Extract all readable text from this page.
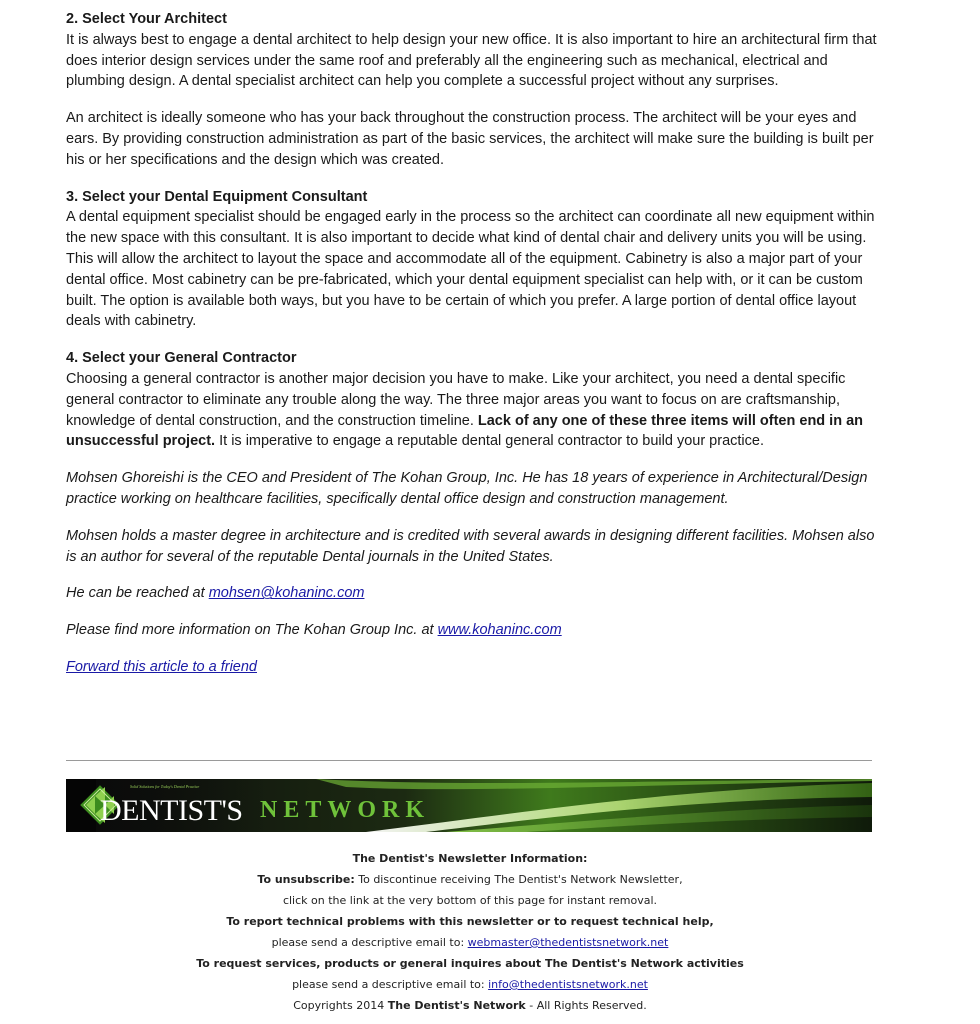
2. Select Your Architect

It is always best to engage a dental architect to help design your new office. It is also important to hire an architectural firm that does interior design services under the same roof and preferably all the engineering such as mechanical, electrical and plumbing design. A dental specialist architect can help you complete a successful project without any surprises.

An architect is ideally someone who has your back throughout the construction process. The architect will be your eyes and ears. By providing construction administration as part of the basic services, the architect will make sure the building is built per his or her specifications and the design which was created.

3. Select your Dental Equipment Consultant

A dental equipment specialist should be engaged early in the process so the architect can coordinate all new equipment within the new space with this consultant. It is also important to decide what kind of dental chair and delivery units you will be using. This will allow the architect to layout the space and accommodate all of the equipment. Cabinetry is also a major part of your dental office. Most cabinetry can be pre-fabricated, which your dental equipment specialist can help with, or it can be custom built. The option is available both ways, but you have to be certain of which you prefer. A large portion of dental office layout deals with cabinetry.

4. Select your General Contractor

Choosing a general contractor is another major decision you have to make. Like your architect, you need a dental specific general contractor to eliminate any trouble along the way. The three major areas you want to focus on are craftsmanship, knowledge of dental construction, and the construction timeline. Lack of any one of these three items will often end in an unsuccessful project. It is imperative to engage a reputable dental general contractor to build your practice.

Mohsen Ghoreishi is the CEO and President of The Kohan Group, Inc. He has 18 years of experience in Architectural/Design practice working on healthcare facilities, specifically dental office design and construction management.

Mohsen holds a master degree in architecture and is credited with several awards in designing different facilities. Mohsen also is an author for several of the reputable Dental journals in the United States.

He can be reached at mohsen@kohaninc.com

Please find more information on The Kohan Group Inc. at www.kohaninc.com

Forward this article to a friend

Solid Solutions for Today's Dental Practice
DENTIST'S NETWORK
The Dentist's Newsletter Information:
To unsubscribe: To discontinue receiving The Dentist's Network Newsletter,
click on the link at the very bottom of this page for instant removal.
To report technical problems with this newsletter or to request technical help,
please send a descriptive email to: webmaster@thedentistsnetwork.net
To request services, products or general inquires about The Dentist's Network activities
please send a descriptive email to: info@thedentistsnetwork.net
Copyrights 2014 The Dentist's Network - All Rights Reserved.
